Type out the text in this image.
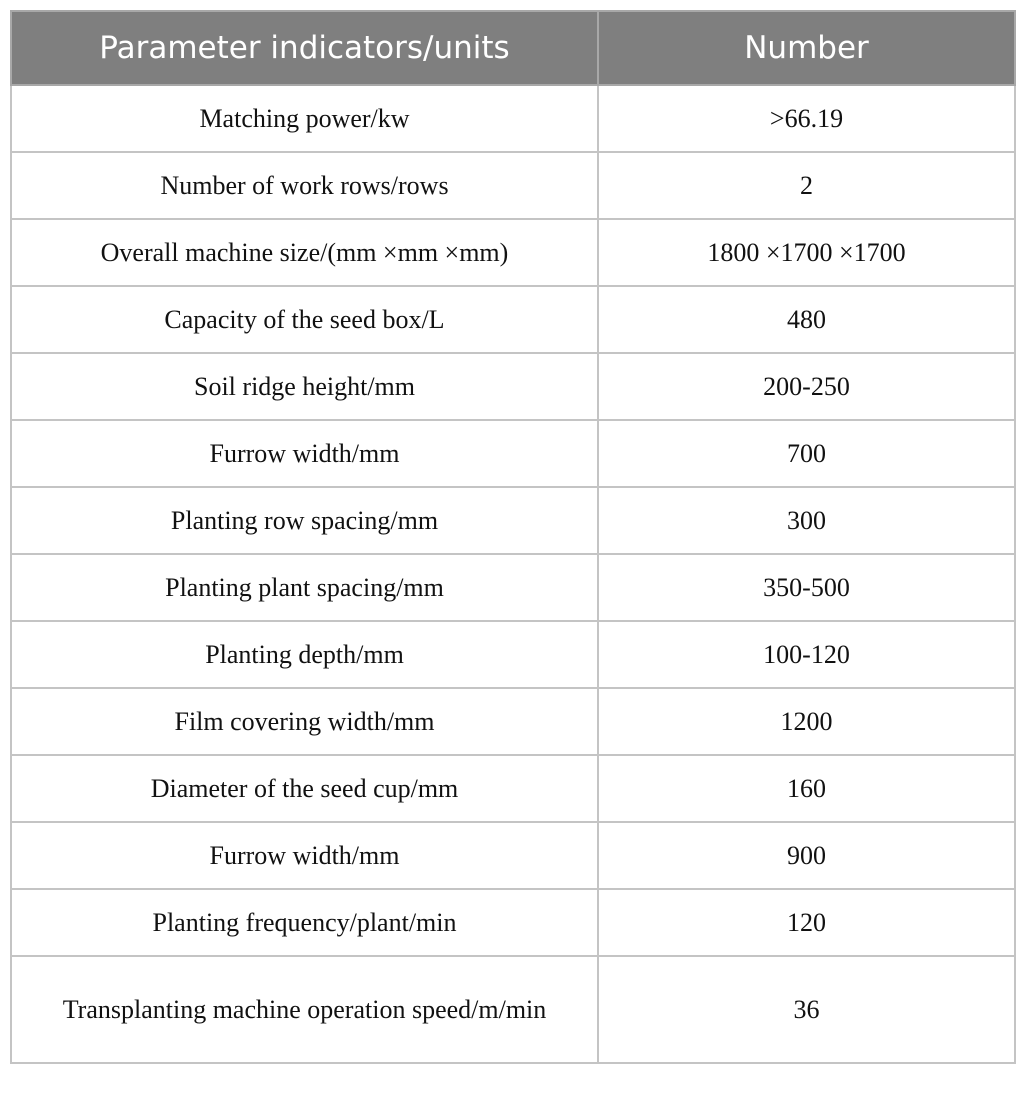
Parameter indicators/units	Number
Matching power/kw	>66.19
Number of work rows/rows	2
Overall machine size/(mm ×mm ×mm)	1800 ×1700 ×1700
Capacity of the seed box/L	480
Soil ridge height/mm	200-250
Furrow width/mm	700
Planting row spacing/mm	300
Planting plant spacing/mm	350-500
Planting depth/mm	100-120
Film covering width/mm	1200
Diameter of the seed cup/mm	160
Furrow width/mm	900
Planting frequency/plant/min	120
Transplanting machine operation speed/m/min	36
